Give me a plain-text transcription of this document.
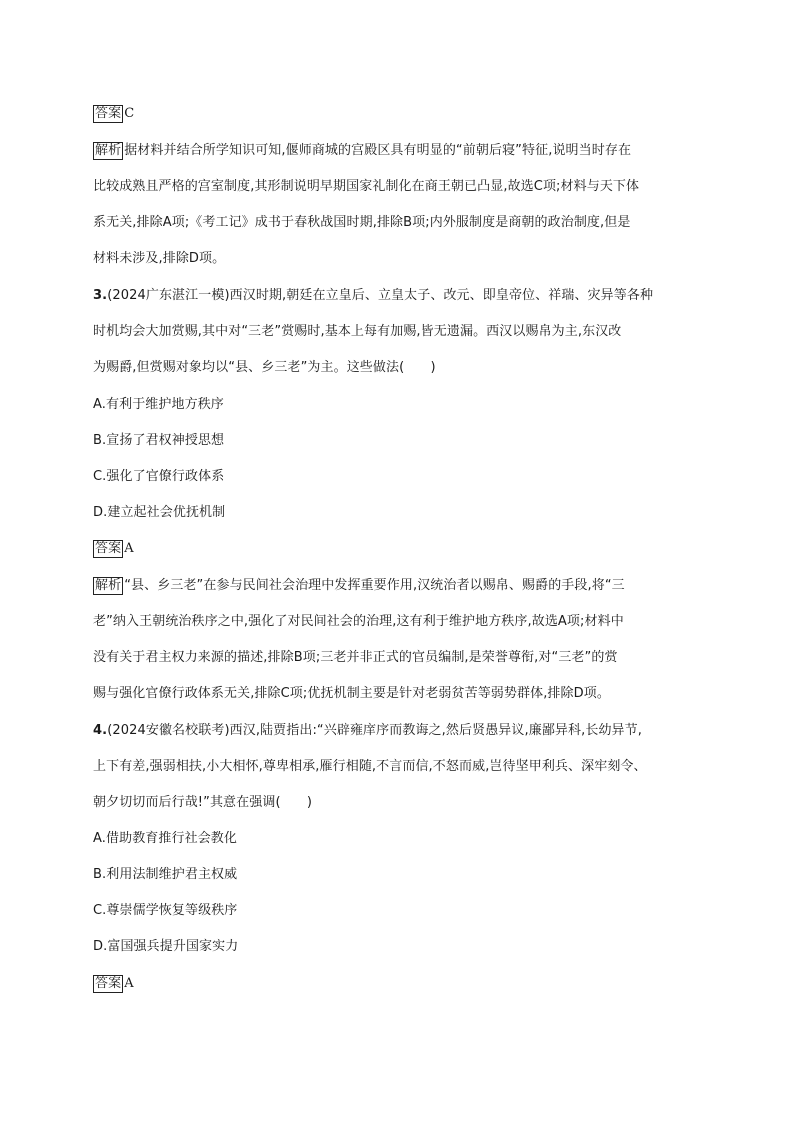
答案 C
解析 据材料并结合所学知识可知,偃师商城的宫殿区具有明显的“前朝后寝”特征,说明当时存在
比较成熟且严格的宫室制度,其形制说明早期国家礼制化在商王朝已凸显,故选C项;材料与天下体
系无关,排除A项;《考工记》成书于春秋战国时期,排除B项;内外服制度是商朝的政治制度,但是
材料未涉及,排除D项。
3.(2024广东湛江一模)西汉时期,朝廷在立皇后、立皇太子、改元、即皇帝位、祥瑞、灾异等各种
时机均会大加赏赐,其中对“三老”赏赐时,基本上每有加赐,皆无遗漏。西汉以赐帛为主,东汉改
为赐爵,但赏赐对象均以“县、乡三老”为主。这些做法(　　)
A.有利于维护地方秩序
B.宣扬了君权神授思想
C.强化了官僚行政体系
D.建立起社会优抚机制
答案 A
解析 “县、乡三老”在参与民间社会治理中发挥重要作用,汉统治者以赐帛、赐爵的手段,将“三
老”纳入王朝统治秩序之中,强化了对民间社会的治理,这有利于维护地方秩序,故选A项;材料中
没有关于君主权力来源的描述,排除B项;三老并非正式的官员编制,是荣誉尊衔,对“三老”的赏
赐与强化官僚行政体系无关,排除C项;优抚机制主要是针对老弱贫苦等弱势群体,排除D项。
4.(2024安徽名校联考)西汉,陆贾指出:“兴辟雍庠序而教诲之,然后贤愚异议,廉鄙异科,长幼异节,
上下有差,强弱相扶,小大相怀,尊卑相承,雁行相随,不言而信,不怒而威,岂待坚甲利兵、深牢刻令、
朝夕切切而后行哉!”其意在强调(　　)
A.借助教育推行社会教化
B.利用法制维护君主权威
C.尊崇儒学恢复等级秩序
D.富国强兵提升国家实力
答案 A
